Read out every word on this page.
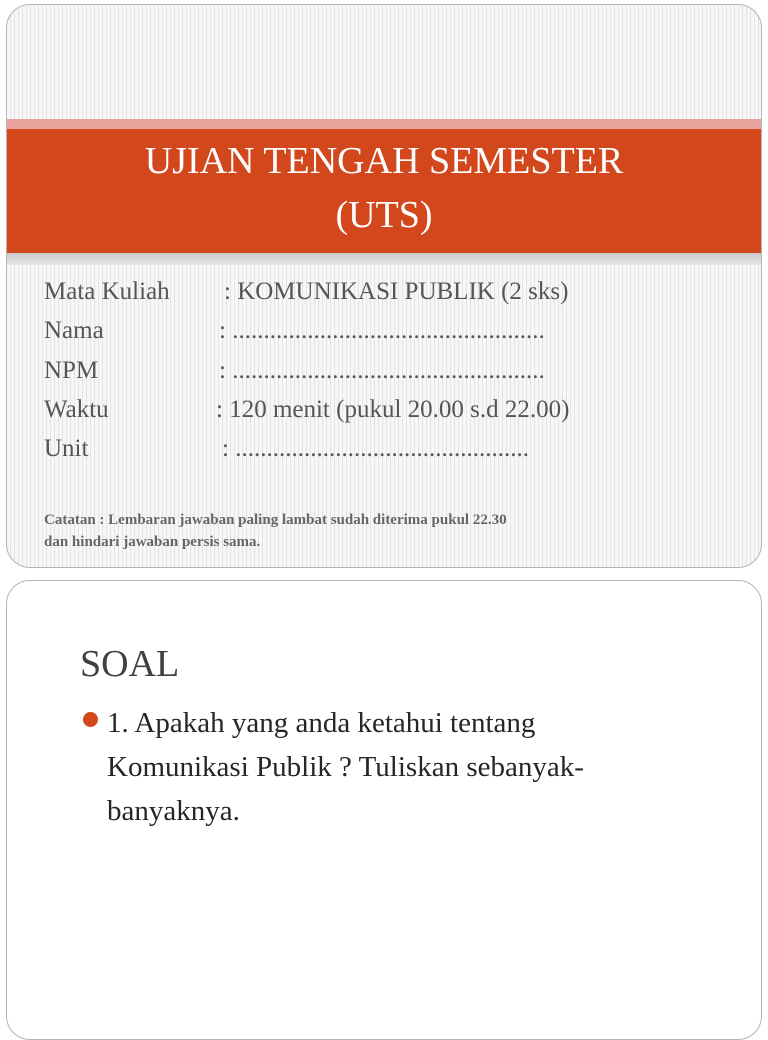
UJIAN TENGAH SEMESTER
(UTS)
Mata Kuliah : KOMUNIKASI PUBLIK (2 sks)
Nama	: ..................................................
NPM	: ..................................................
Waktu	: 120 menit (pukul 20.00 s.d 22.00)
Unit	: ...............................................
Catatan : Lembaran jawaban paling lambat sudah diterima pukul 22.30
dan hindari jawaban persis sama.
SOAL
1. Apakah yang anda ketahui tentang
Komunikasi Publik ? Tuliskan sebanyak-
banyaknya.
